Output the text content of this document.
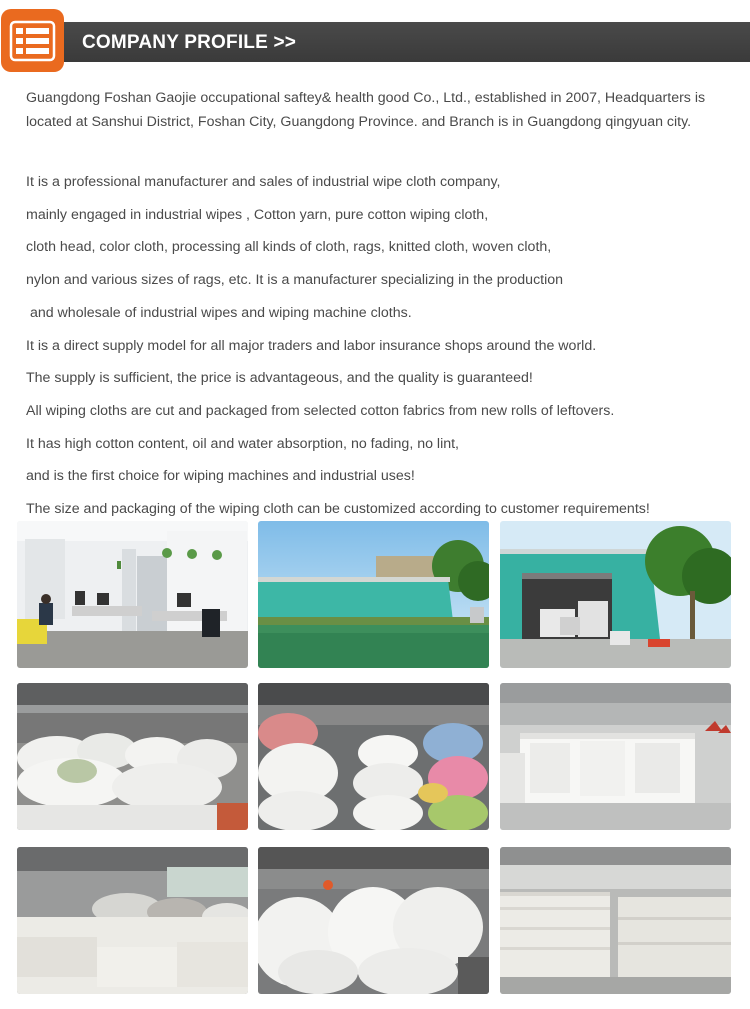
COMPANY PROFILE >>
Guangdong Foshan Gaojie occupational saftey& health good Co., Ltd., established in 2007, Headquarters is located at Sanshui District, Foshan City, Guangdong Province. and Branch is in Guangdong qingyuan city.
It is a professional manufacturer and sales of industrial wipe cloth company,
mainly engaged in industrial wipes , Cotton yarn, pure cotton wiping cloth,
cloth head, color cloth, processing all kinds of cloth, rags, knitted cloth, woven cloth,
nylon and various sizes of rags, etc. It is a manufacturer specializing in the production
and wholesale of industrial wipes and wiping machine cloths.
It is a direct supply model for all major traders and labor insurance shops around the world.
The supply is sufficient, the price is advantageous, and the quality is guaranteed!
All wiping cloths are cut and packaged from selected cotton fabrics from new rolls of leftovers.
It has high cotton content, oil and water absorption, no fading, no lint,
and is the first choice for wiping machines and industrial uses!
The size and packaging of the wiping cloth can be customized according to customer requirements!
